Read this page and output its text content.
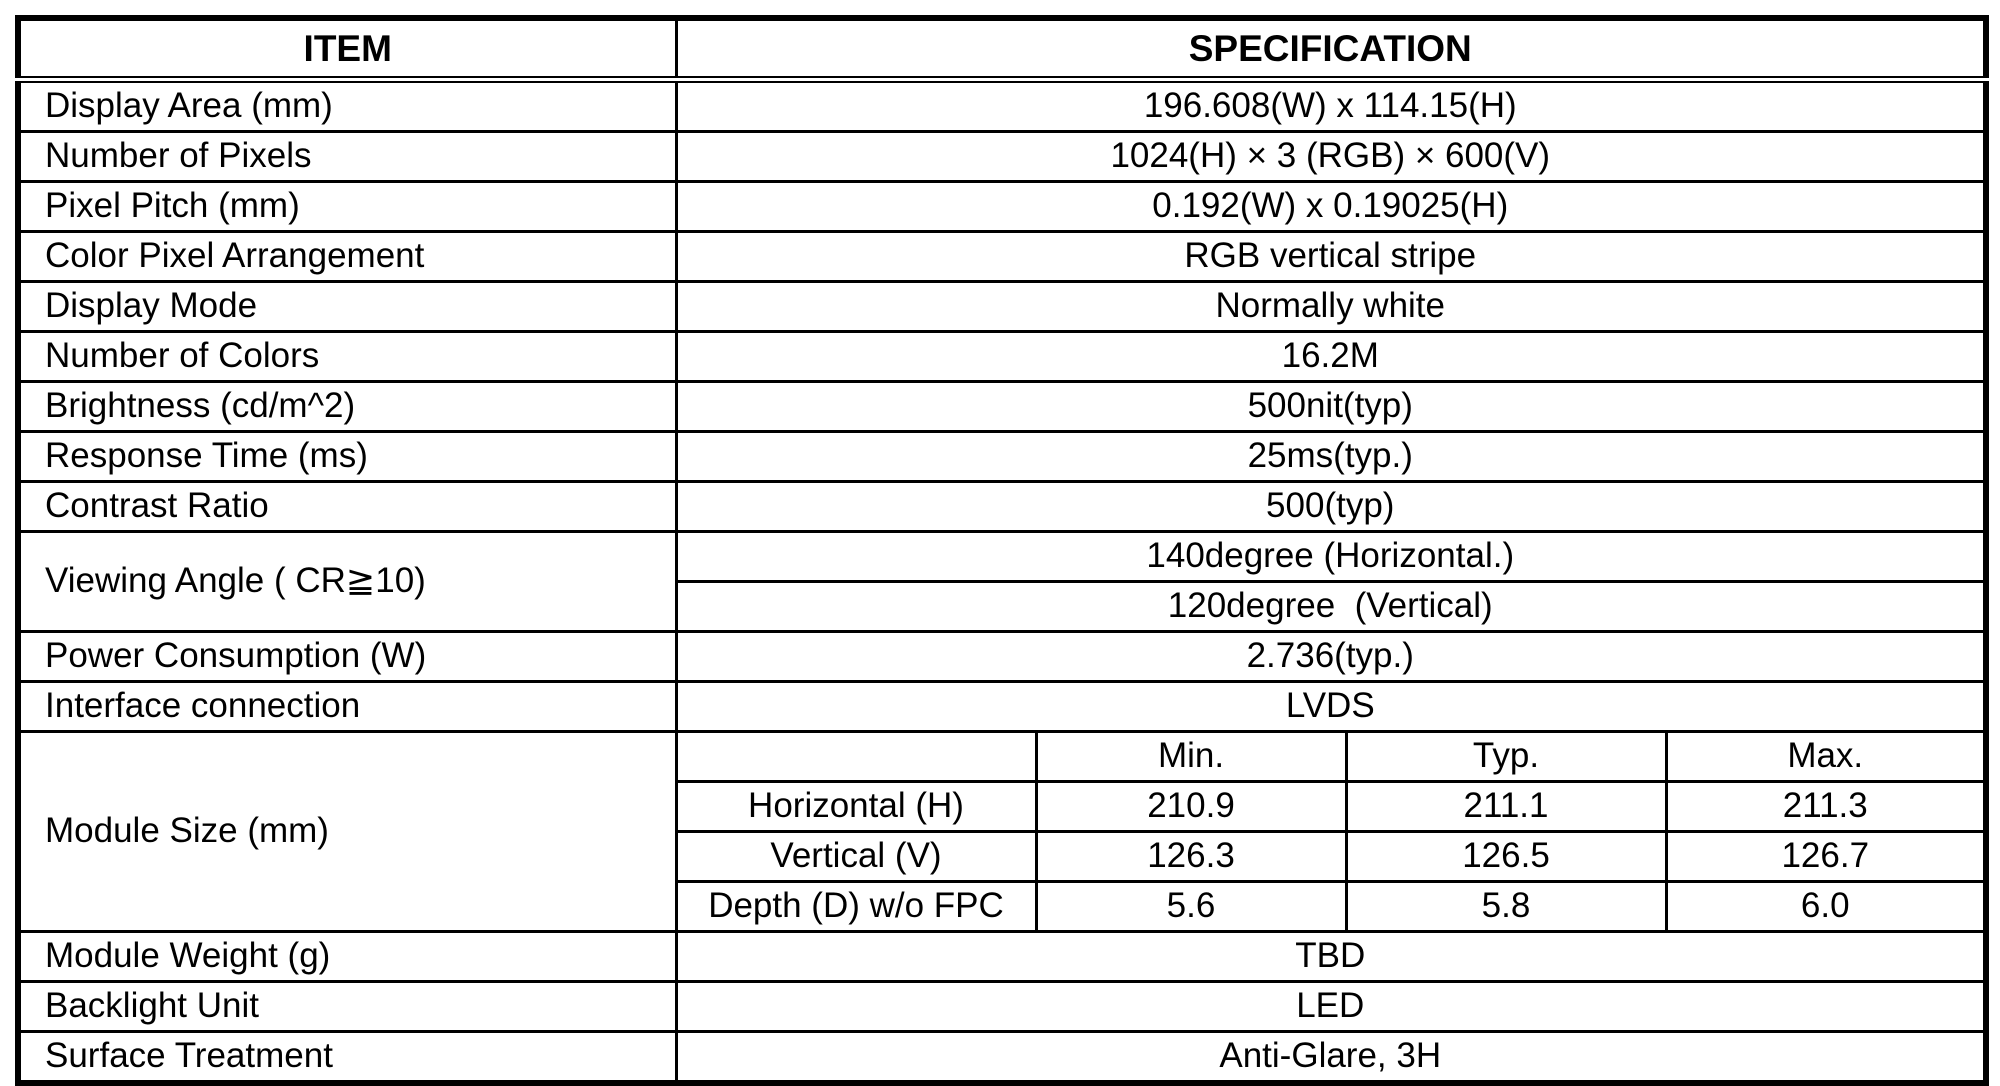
ITEM	SPECIFICATION			
Display Area (mm)	196.608(W) x 114.15(H)			
Number of Pixels	1024(H) × 3 (RGB) × 600(V)			
Pixel Pitch (mm)	0.192(W) x 0.19025(H)			
Color Pixel Arrangement	RGB vertical stripe			
Display Mode	Normally white			
Number of Colors	16.2M			
Brightness (cd/m^2)	500nit(typ)			
Response Time (ms)	25ms(typ.)			
Contrast Ratio	500(typ)			
Viewing Angle ( CR≧10)	140degree (Horizontal.)			
	120degree  (Vertical)			
Power Consumption (W)	2.736(typ.)			
Interface connection	LVDS			
Module Size (mm)		Min.	Typ.	Max.
	Horizontal (H)	210.9	211.1	211.3
	Vertical (V)	126.3	126.5	126.7
	Depth (D) w/o FPC	5.6	5.8	6.0
Module Weight (g)	TBD			
Backlight Unit	LED			
Surface Treatment	Anti-Glare, 3H			
